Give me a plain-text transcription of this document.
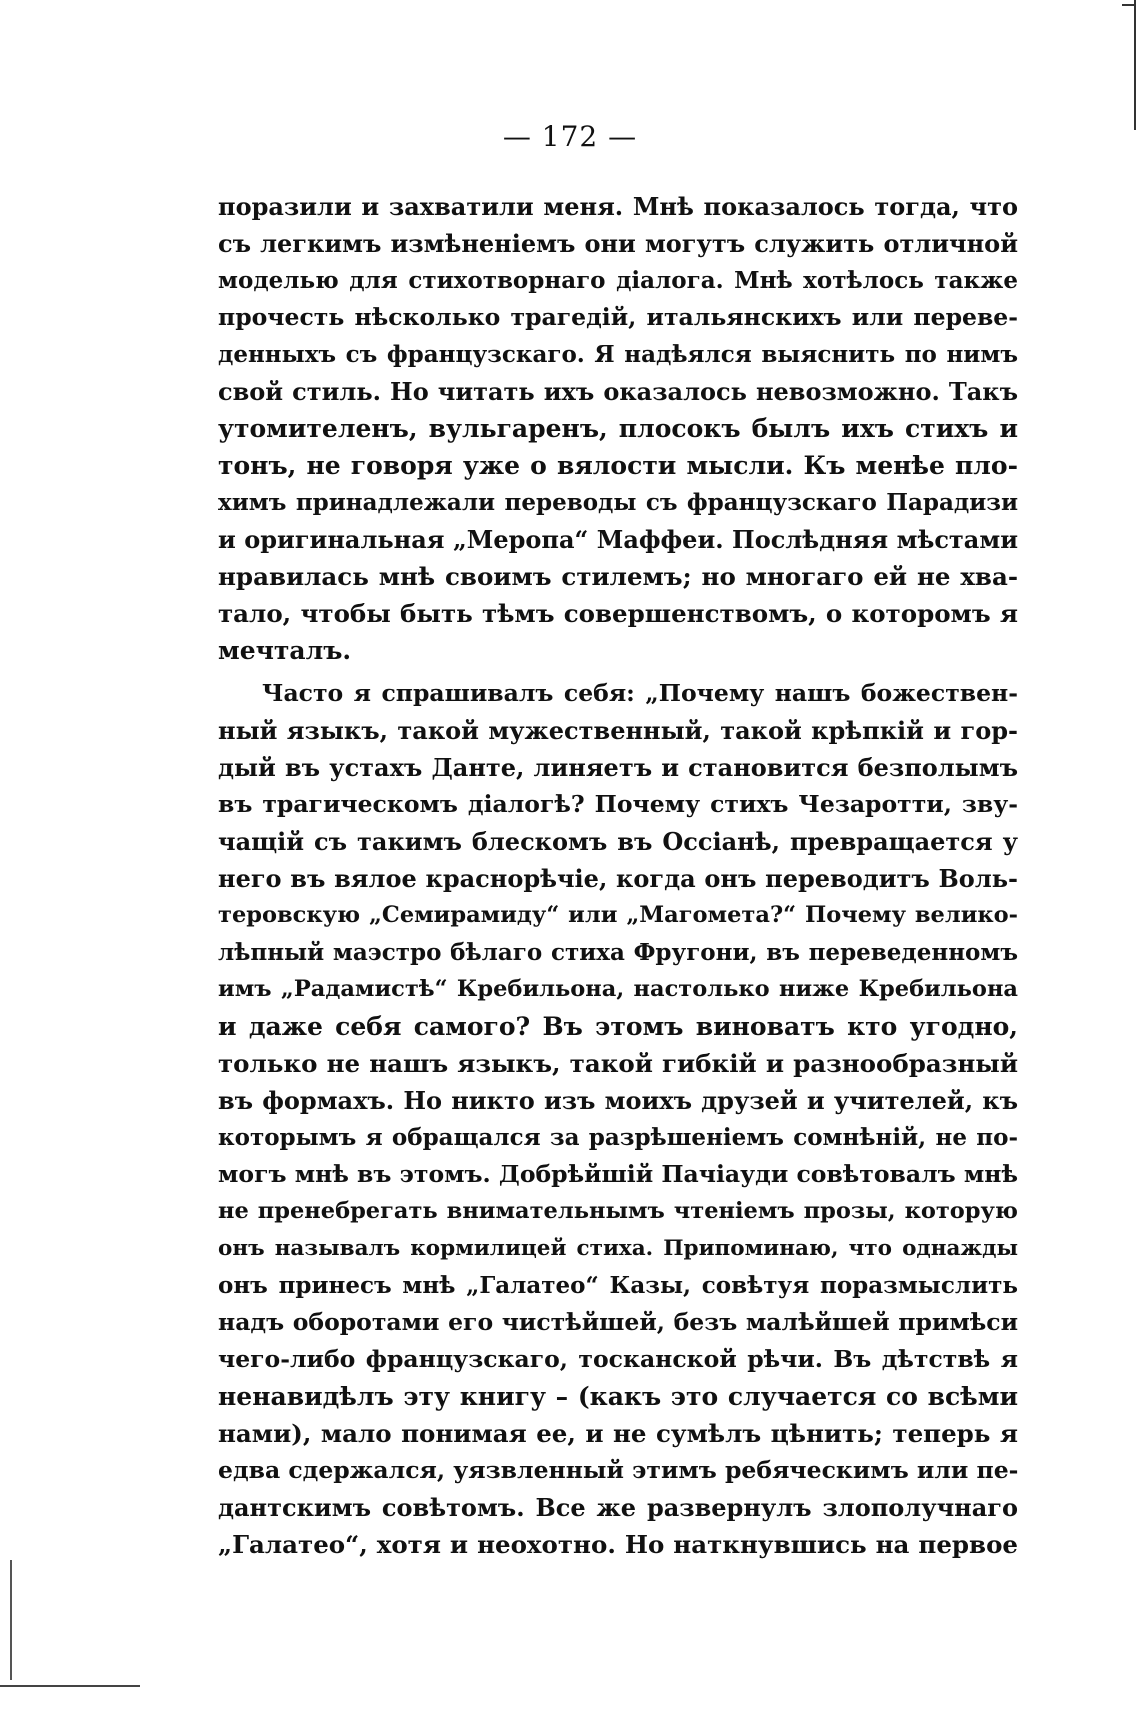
— 172 —
поразили и захватили меня. Мнѣ показалось тогда, что
съ легкимъ измѣненіемъ они могутъ служить отличной
моделью для стихотворнаго діалога. Мнѣ хотѣлось также
прочесть нѣсколько трагедій, итальянскихъ или переве-
денныхъ съ французскаго. Я надѣялся выяснить по нимъ
свой стиль. Но читать ихъ оказалось невозможно. Такъ
утомителенъ, вульгаренъ, плосокъ былъ ихъ стихъ и
тонъ, не говоря уже о вялости мысли. Къ менѣе пло-
химъ принадлежали переводы съ французскаго Парадизи
и оригинальная „Меропа“ Маффеи. Послѣдняя мѣстами
нравилась мнѣ своимъ стилемъ; но многаго ей не хва-
тало, чтобы быть тѣмъ совершенствомъ, о которомъ я
мечталъ.
Часто я спрашивалъ себя: „Почему нашъ божествен-
ный языкъ, такой мужественный, такой крѣпкій и гор-
дый въ устахъ Данте, линяетъ и становится безполымъ
въ трагическомъ діалогѣ? Почему стихъ Чезаротти, зву-
чащій съ такимъ блескомъ въ Оссіанѣ, превращается у
него въ вялое краснорѣчіе, когда онъ переводитъ Воль-
теровскую „Семирамиду“ или „Магомета?“ Почему велико-
лѣпный маэстро бѣлаго стиха Фругони, въ переведенномъ
имъ „Радамистѣ“ Кребильона, настолько ниже Кребильона
и даже себя самого? Въ этомъ виноватъ кто угодно,
только не нашъ языкъ, такой гибкій и разнообразный
въ формахъ. Но никто изъ моихъ друзей и учителей, къ
которымъ я обращался за разрѣшеніемъ сомнѣній, не по-
могъ мнѣ въ этомъ. Добрѣйшій Пачіауди совѣтовалъ мнѣ
не пренебрегать внимательнымъ чтеніемъ прозы, которую
онъ называлъ кормилицей стиха. Припоминаю, что однажды
онъ принесъ мнѣ „Галатео“ Казы, совѣтуя поразмыслить
надъ оборотами его чистѣйшей, безъ малѣйшей примѣси
чего-либо французскаго, тосканской рѣчи. Въ дѣтствѣ я
ненавидѣлъ эту книгу – (какъ это случается со всѣми
нами), мало понимая ее, и не сумѣлъ цѣнить; теперь я
едва сдержался, уязвленный этимъ ребяческимъ или пе-
дантскимъ совѣтомъ. Все же развернулъ злополучнаго
„Галатео“, хотя и неохотно. Но наткнувшись на первое
